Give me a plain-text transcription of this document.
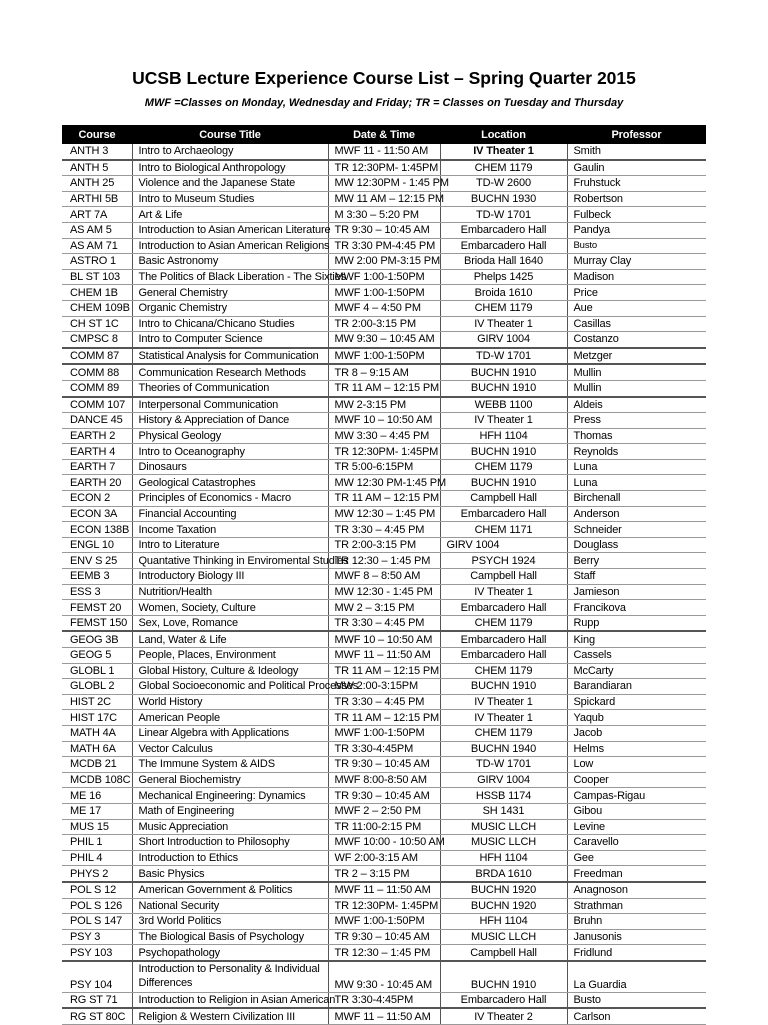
UCSB Lecture Experience Course List – Spring Quarter 2015
MWF =Classes on Monday, Wednesday and Friday; TR = Classes on Tuesday and Thursday
Course	Course Title	Date & Time	Location	Professor
ANTH 3	Intro to Archaeology	MWF 11 - 11:50 AM	IV Theater 1	Smith
ANTH 5	Intro to Biological Anthropology	TR 12:30PM- 1:45PM	CHEM 1179	Gaulin
ANTH 25	Violence and the Japanese State	MW 12:30PM - 1:45 PM	TD-W 2600	Fruhstuck
ARTHI 5B	Intro to Museum Studies	MW 11 AM – 12:15 PM	BUCHN 1930	Robertson
ART 7A	Art & Life	M 3:30 – 5:20 PM	TD-W 1701	Fulbeck
AS AM 5	Introduction to Asian American Literature	TR 9:30 – 10:45 AM	Embarcadero Hall	Pandya
AS AM 71	Introduction to Asian American Religions	TR 3:30 PM-4:45 PM	Embarcadero Hall	Busto
ASTRO 1	Basic Astronomy	MW 2:00 PM-3:15 PM	Brioda Hall 1640	Murray Clay
BL ST 103	The Politics of Black Liberation - The Sixties	MWF 1:00-1:50PM	Phelps 1425	Madison
CHEM 1B	General Chemistry	MWF 1:00-1:50PM	Broida 1610	Price
CHEM 109B	Organic Chemistry	MWF 4 – 4:50 PM	CHEM 1179	Aue
CH ST 1C	Intro to Chicana/Chicano Studies	TR 2:00-3:15 PM	IV Theater 1	Casillas
CMPSC 8	Intro to Computer Science	MW 9:30 – 10:45 AM	GIRV 1004	Costanzo
COMM 87	Statistical Analysis for Communication	MWF 1:00-1:50PM	TD-W 1701	Metzger
COMM 88	Communication Research Methods	TR 8 – 9:15 AM	BUCHN 1910	Mullin
COMM 89	Theories of Communication	TR 11 AM – 12:15 PM	BUCHN 1910	Mullin
COMM 107	Interpersonal Communication	MW 2-3:15 PM	WEBB 1100	Aldeis
DANCE 45	History & Appreciation of Dance	MWF 10 – 10:50 AM	IV Theater 1	Press
EARTH 2	Physical Geology	MW 3:30 – 4:45 PM	HFH 1104	Thomas
EARTH 4	Intro to Oceanography	TR 12:30PM- 1:45PM	BUCHN 1910	Reynolds
EARTH 7	Dinosaurs	TR 5:00-6:15PM	CHEM 1179	Luna
EARTH 20	Geological Catastrophes	MW 12:30 PM-1:45 PM	BUCHN 1910	Luna
ECON 2	Principles of Economics - Macro	TR 11 AM – 12:15 PM	Campbell Hall	Birchenall
ECON 3A	Financial Accounting	MW 12:30 – 1:45 PM	Embarcadero Hall	Anderson
ECON 138B	Income Taxation	TR 3:30 – 4:45 PM	CHEM 1171	Schneider
ENGL 10	Intro to Literature	TR 2:00-3:15 PM	GIRV 1004	Douglass
ENV S 25	Quantative Thinking in Enviromental Studies	TR 12:30 – 1:45 PM	PSYCH 1924	Berry
EEMB 3	Introductory Biology III	MWF 8 – 8:50 AM	Campbell Hall	Staff
ESS 3	Nutrition/Health	MW 12:30 - 1:45 PM	IV Theater 1	Jamieson
FEMST 20	Women, Society, Culture	MW 2 – 3:15 PM	Embarcadero Hall	Francikova
FEMST 150	Sex, Love, Romance	TR 3:30 – 4:45 PM	CHEM 1179	Rupp
GEOG 3B	Land, Water & Life	MWF 10 – 10:50 AM	Embarcadero Hall	King
GEOG 5	People, Places, Environment	MWF 11 – 11:50 AM	Embarcadero Hall	Cassels
GLOBL 1	Global History, Culture & Ideology	TR 11 AM – 12:15 PM	CHEM 1179	McCarty
GLOBL 2	Global Socioeconomic and Political Processes	MW 2:00-3:15PM	BUCHN 1910	Barandiaran
HIST 2C	World History	TR 3:30 – 4:45 PM	IV Theater 1	Spickard
HIST 17C	American People	TR 11 AM – 12:15 PM	IV Theater 1	Yaqub
MATH 4A	Linear Algebra with Applications	MWF 1:00-1:50PM	CHEM 1179	Jacob
MATH 6A	Vector Calculus	TR 3:30-4:45PM	BUCHN 1940	Helms
MCDB 21	The Immune System & AIDS	TR 9:30 – 10:45 AM	TD-W 1701	Low
MCDB 108C	General Biochemistry	MWF 8:00-8:50 AM	GIRV 1004	Cooper
ME 16	Mechanical Engineering: Dynamics	TR 9:30 – 10:45 AM	HSSB 1174	Campas-Rigau
ME 17	Math of Engineering	MWF 2 – 2:50 PM	SH 1431	Gibou
MUS 15	Music Appreciation	TR 11:00-2:15 PM	MUSIC LLCH	Levine
PHIL 1	Short Introduction to Philosophy	MWF 10:00 - 10:50 AM	MUSIC LLCH	Caravello
PHIL 4	Introduction to Ethics	WF 2:00-3:15 AM	HFH 1104	Gee
PHYS 2	Basic Physics	TR 2 – 3:15 PM	BRDA 1610	Freedman
POL S 12	American Government & Politics	MWF 11 – 11:50 AM	BUCHN 1920	Anagnoson
POL S 126	National Security	TR 12:30PM- 1:45PM	BUCHN 1920	Strathman
POL S 147	3rd World Politics	MWF 1:00-1:50PM	HFH 1104	Bruhn
PSY 3	The Biological Basis of Psychology	TR 9:30 – 10:45 AM	MUSIC LLCH	Janusonis
PSY 103	Psychopathology	TR 12:30 – 1:45 PM	Campbell Hall	Fridlund
PSY 104	Introduction to Personality & Individual Differences	MW 9:30 - 10:45 AM	BUCHN 1910	La Guardia
RG ST 71	Introduction to Religion in Asian American	TR 3:30-4:45PM	Embarcadero Hall	Busto
RG ST 80C	Religion & Western Civilization III	MWF 11 – 11:50 AM	IV Theater 2	Carlson
